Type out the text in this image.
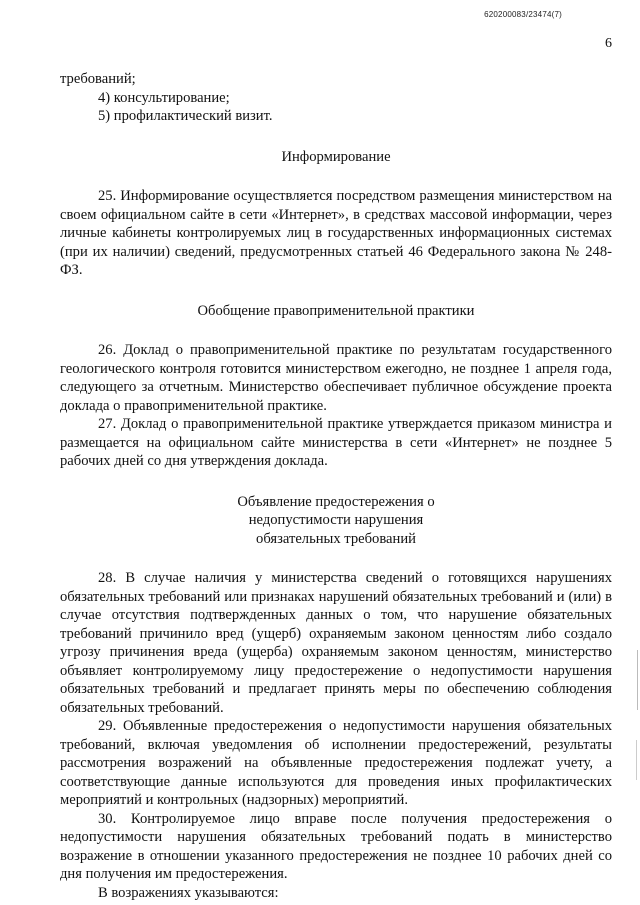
620200083/23474(7)
6

требований;

4) консультирование;

5) профилактический визит.

Информирование

25. Информирование осуществляется посредством размещения министерством на своем официальном сайте в сети «Интернет», в средствах массовой информации, через личные кабинеты контролируемых лиц в государственных информационных системах (при их наличии) сведений, предусмотренных статьей 46 Федерального закона № 248-ФЗ.

Обобщение правоприменительной практики

26. Доклад о правоприменительной практике по результатам государственного геологического контроля готовится министерством ежегодно, не позднее 1 апреля года, следующего за отчетным. Министерство обеспечивает публичное обсуждение проекта доклада о правоприменительной практике.

27. Доклад о правоприменительной практике утверждается приказом министра и размещается на официальном сайте министерства в сети «Интернет» не позднее 5 рабочих дней со дня утверждения доклада.

Объявление предостережения о
недопустимости нарушения
обязательных требований

28. В случае наличия у министерства сведений о готовящихся нарушениях обязательных требований или признаках нарушений обязательных требований и (или) в случае отсутствия подтвержденных данных о том, что нарушение обязательных требований причинило вред (ущерб) охраняемым законом ценностям либо создало угрозу причинения вреда (ущерба) охраняемым законом ценностям, министерство объявляет контролируемому лицу предостережение о недопустимости нарушения обязательных требований и предлагает принять меры по обеспечению соблюдения обязательных требований.

29. Объявленные предостережения о недопустимости нарушения обязательных требований, включая уведомления об исполнении предостережений, результаты рассмотрения возражений на объявленные предостережения подлежат учету, а соответствующие данные используются для проведения иных профилактических мероприятий и контрольных (надзорных) мероприятий.

30. Контролируемое лицо вправе после получения предостережения о недопустимости нарушения обязательных требований подать в министерство возражение в отношении указанного предостережения не позднее 10 рабочих дней со дня получения им предостережения.

В возражениях указываются:
